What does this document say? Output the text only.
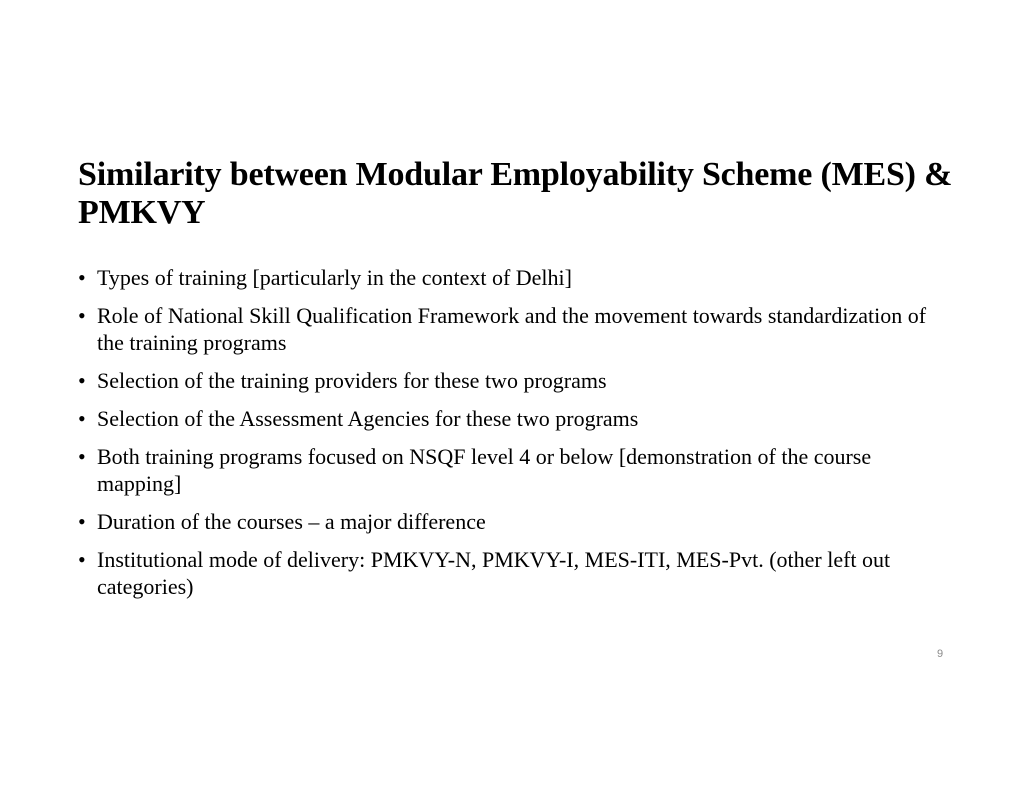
Similarity between Modular Employability Scheme (MES) & PMKVY
• Types of training [particularly in the context of Delhi]
• Role of National Skill Qualification Framework and the movement towards standardization of the training programs
• Selection of the training providers for these two programs
• Selection of the Assessment Agencies for these two programs
• Both training programs focused on NSQF level 4 or below [demonstration of the course mapping]
• Duration of the courses – a major difference
• Institutional mode of delivery: PMKVY-N, PMKVY-I, MES-ITI, MES-Pvt. (other left out categories)
9
